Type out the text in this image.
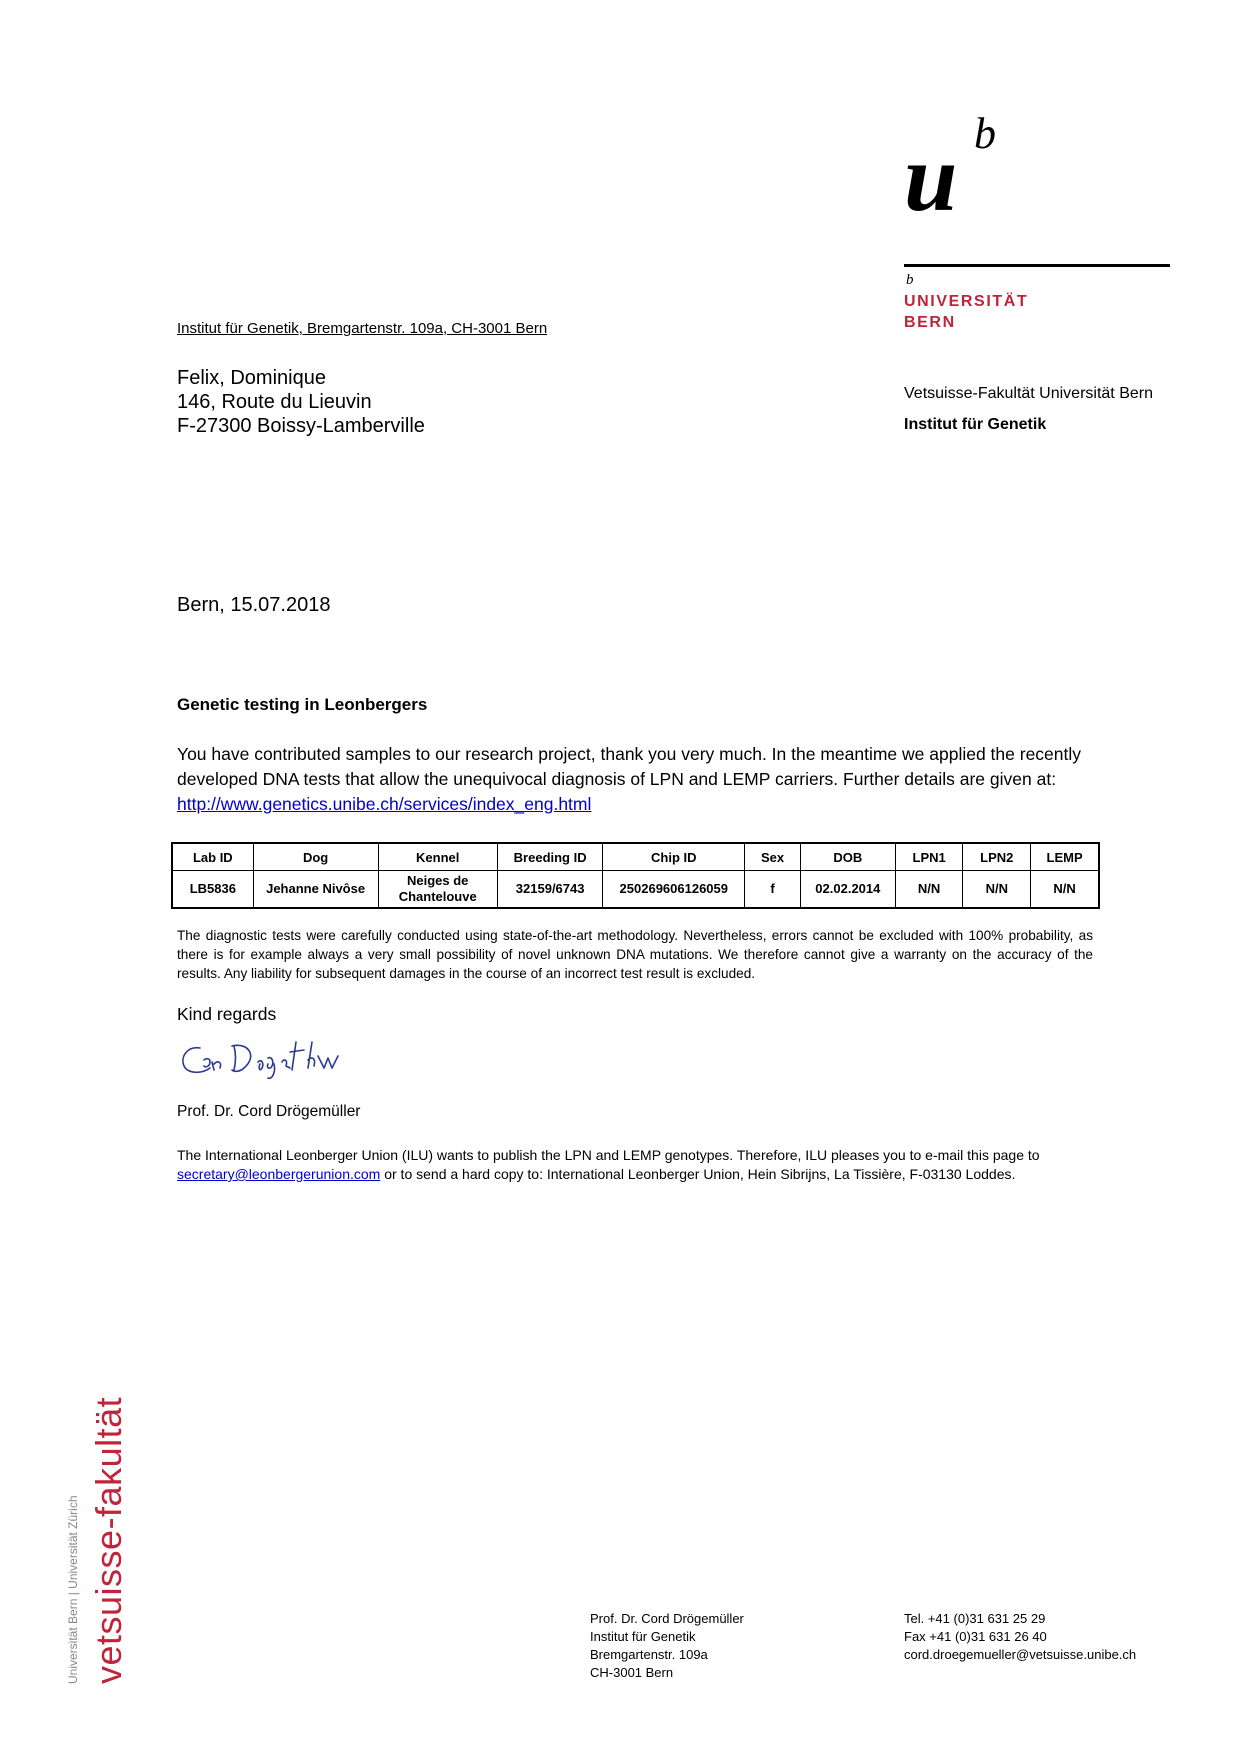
u b
b
UNIVERSITÄT
BERN
Vetsuisse-Fakultät Universität Bern
Institut für Genetik
Institut für Genetik, Bremgartenstr. 109a, CH-3001 Bern
Felix, Dominique
146, Route du Lieuvin
F-27300 Boissy-Lamberville
Bern, 15.07.2018
Genetic testing in Leonbergers
You have contributed samples to our research project, thank you very much. In the meantime we applied the recently developed DNA tests that allow the unequivocal diagnosis of LPN and LEMP carriers. Further details are given at: http://www.genetics.unibe.ch/services/index_eng.html
Lab ID	Dog	Kennel	Breeding ID	Chip ID	Sex	DOB	LPN1	LPN2	LEMP
LB5836	Jehanne Nivôse	Neiges de Chantelouve	32159/6743	250269606126059	f	02.02.2014	N/N	N/N	N/N
The diagnostic tests were carefully conducted using state-of-the-art methodology. Nevertheless, errors cannot be excluded with 100% probability, as there is for example always a very small possibility of novel unknown DNA mutations. We therefore cannot give a warranty on the accuracy of the results. Any liability for subsequent damages in the course of an incorrect test result is excluded.
Kind regards
Prof. Dr. Cord Drögemüller
The International Leonberger Union (ILU) wants to publish the LPN and LEMP genotypes. Therefore, ILU pleases you to e-mail this page to secretary@leonbergerunion.com or to send a hard copy to: International Leonberger Union, Hein Sibrijns, La Tissière, F-03130 Loddes.
Universität Bern | Universität Zürich vetsuisse-fakultät	Prof. Dr. Cord Drögemüller
Institut für Genetik
Bremgartenstr. 109a
CH-3001 Bern
Tel. +41 (0)31 631 25 29
Fax +41 (0)31 631 26 40
cord.droegemueller@vetsuisse.unibe.ch
